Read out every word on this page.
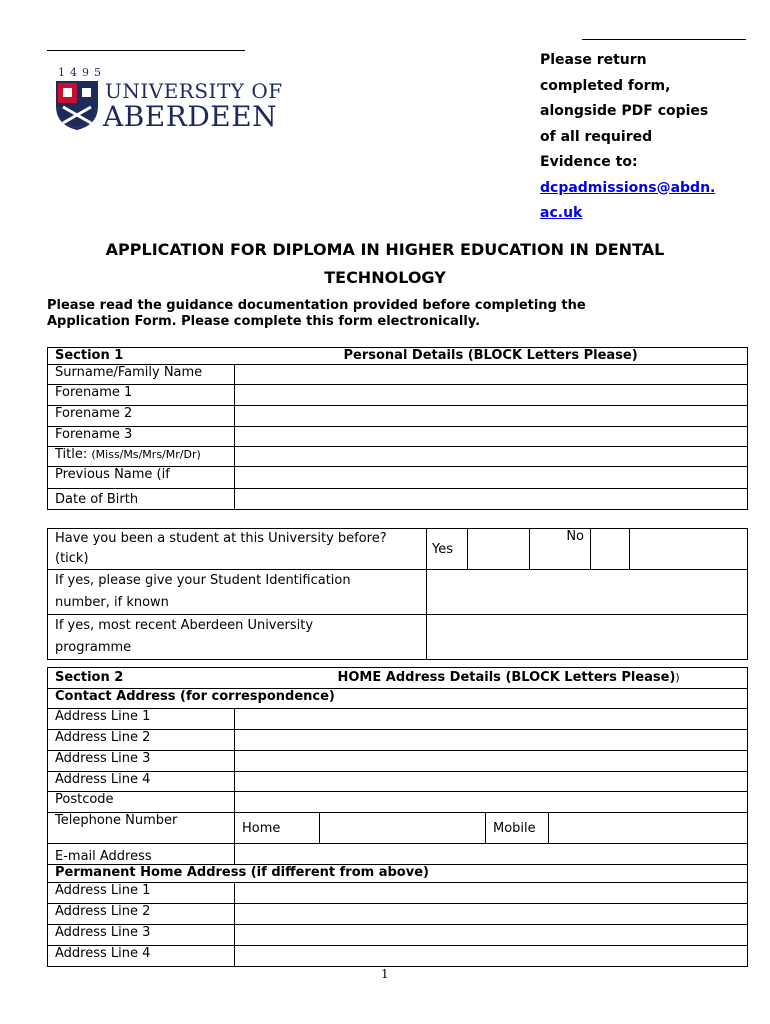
1495
UNIVERSITY OF
ABERDEEN
Please return
completed form,
alongside PDF copies
of all required
Evidence to:
dcpadmissions@abdn.
ac.uk
APPLICATION FOR DIPLOMA IN HIGHER EDUCATION IN DENTAL
TECHNOLOGY
Please read the guidance documentation provided before completing the
Application Form. Please complete this form electronically.
Section 1 Personal Details (BLOCK Letters Please)	

Surname/Family Name	
Forename 1	
Forename 2	
Forename 3	
Title: (Miss/Ms/Mrs/Mr/Dr)	
Previous Name (if	
Date of Birth	
Have you been a student at this University before?
(tick)	Yes		No		

If yes, please give your Student Identification
number, if known					

If yes, most recent Aberdeen University
programme					

Section 2 HOME Address Details (BLOCK Letters Please))				

Contact Address (for correspondence)				
Address Line 1				
Address Line 2				
Address Line 3				
Address Line 4				
Postcode				
Telephone Number	Home		Mobile	
E-mail Address				
Permanent Home Address (if different from above)				
Address Line 1				
Address Line 2				
Address Line 3				
Address Line 4				
1
